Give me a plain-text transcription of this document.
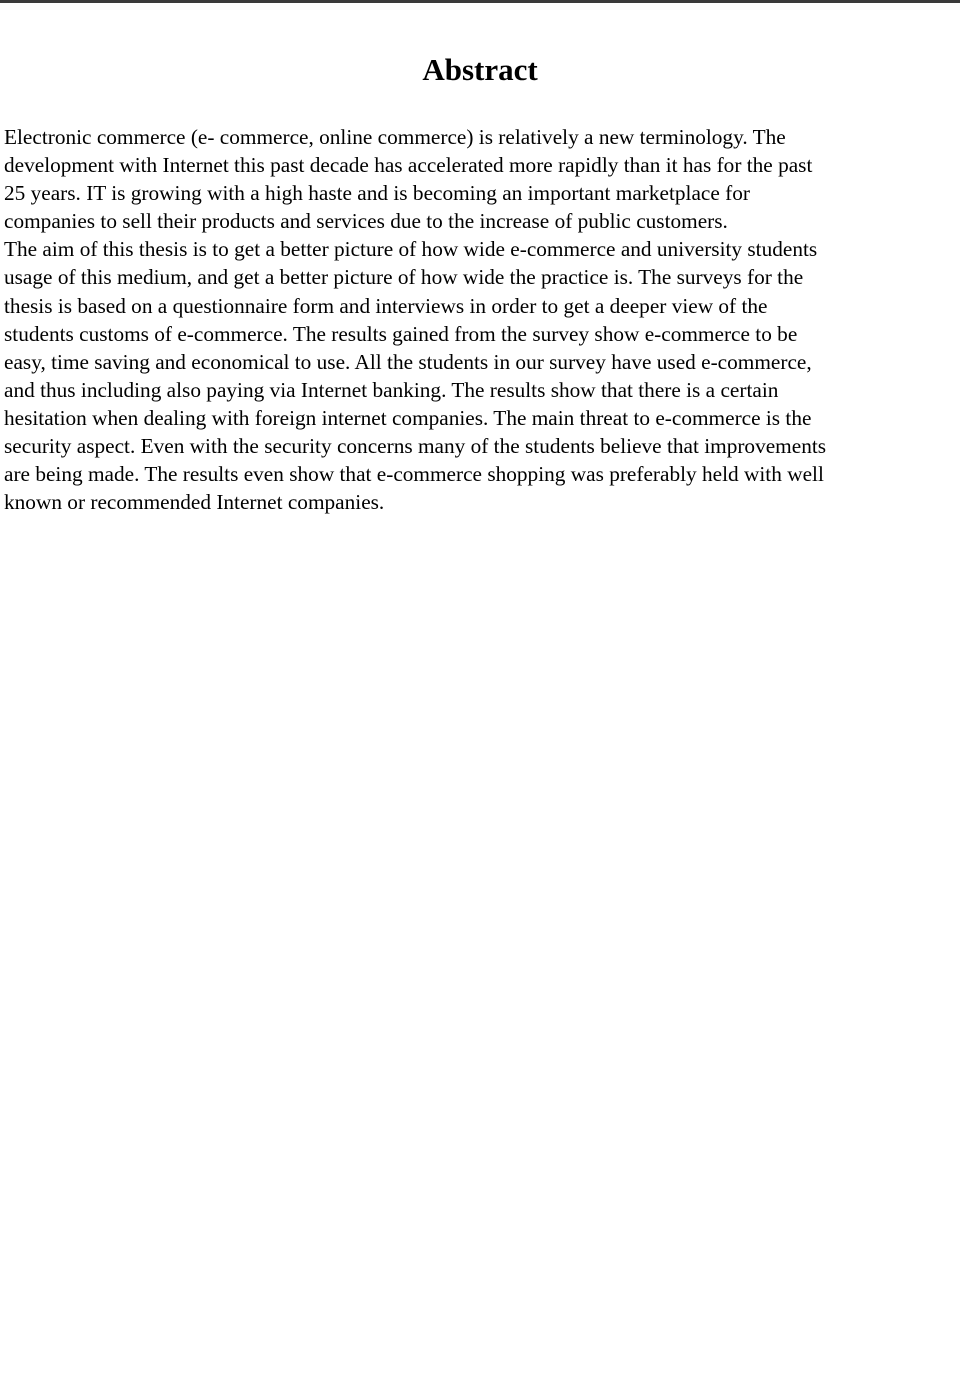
Abstract

Electronic commerce (e- commerce, online commerce) is relatively a new terminology. The
development with Internet this past decade has accelerated more rapidly than it has for the past
25 years. IT is growing with a high haste and is becoming an important marketplace for
companies to sell their products and services due to the increase of public customers.
The aim of this thesis is to get a better picture of how wide e-commerce and university students
usage of this medium, and get a better picture of how wide the practice is. The surveys for the
thesis is based on a questionnaire form and interviews in order to get a deeper view of the
students customs of e-commerce. The results gained from the survey show e-commerce to be
easy, time saving and economical to use. All the students in our survey have used e-commerce,
and thus including also paying via Internet banking. The results show that there is a certain
hesitation when dealing with foreign internet companies. The main threat to e-commerce is the
security aspect. Even with the security concerns many of the students believe that improvements
are being made. The results even show that e-commerce shopping was preferably held with well
known or recommended Internet companies.
